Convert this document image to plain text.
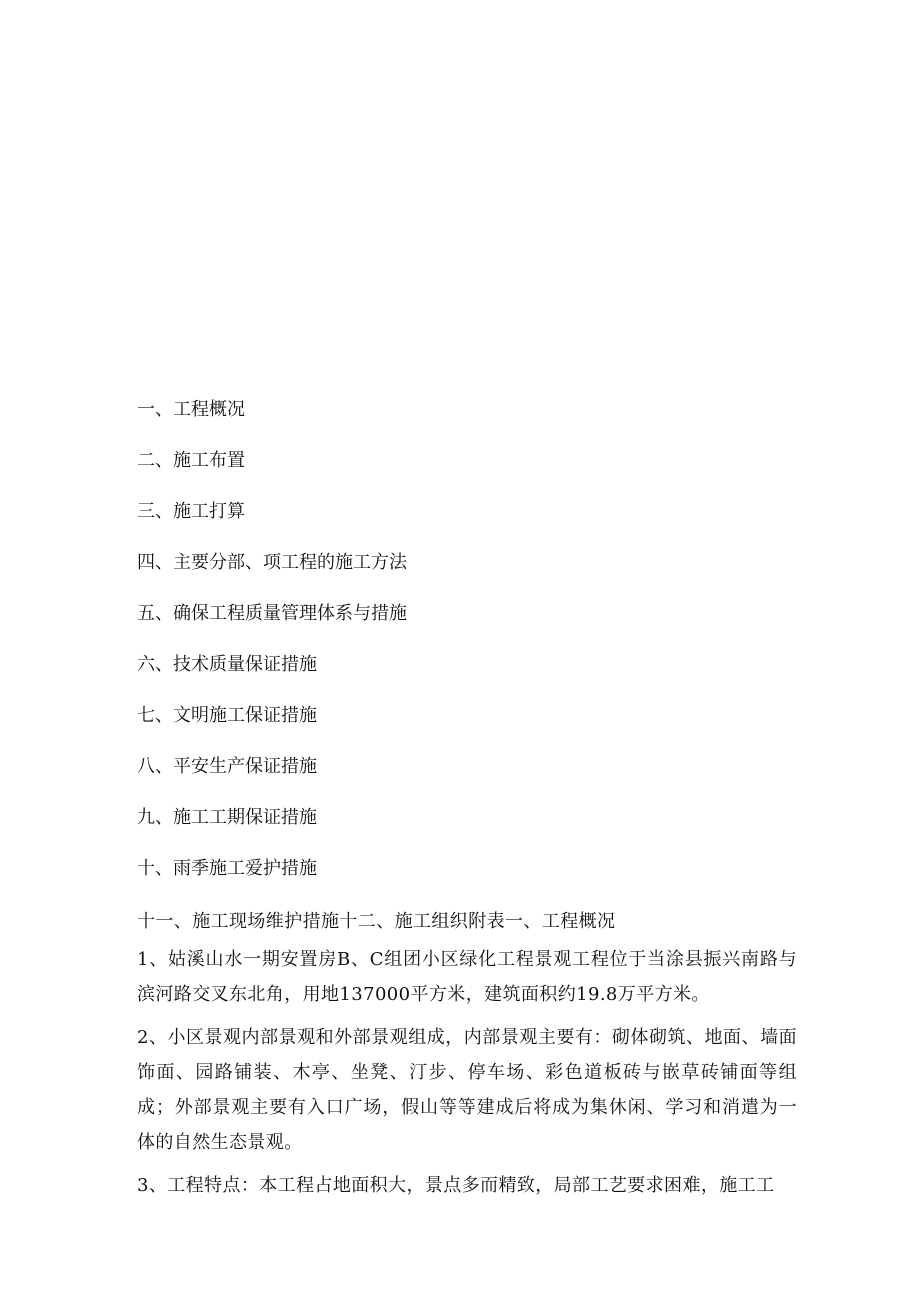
一、工程概况
二、施工布置
三、施工打算
四、主要分部、项工程的施工方法
五、确保工程质量管理体系与措施
六、技术质量保证措施
七、文明施工保证措施
八、平安生产保证措施
九、施工工期保证措施
十、雨季施工爱护措施

十一、施工现场维护措施十二、施工组织附表一、工程概况

1、姑溪山水一期安置房B、C组团小区绿化工程景观工程位于当涂县振兴南路与滨河路交叉东北角，用地137000平方米，建筑面积约19.8万平方米。

2、小区景观内部景观和外部景观组成，内部景观主要有：砌体砌筑、地面、墙面饰面、园路铺装、木亭、坐凳、汀步、停车场、彩色道板砖与嵌草砖铺面等组成；外部景观主要有入口广场，假山等等建成后将成为集休闲、学习和消遣为一体的自然生态景观。

3、工程特点：本工程占地面积大，景点多而精致，局部工艺要求困难，施工工
